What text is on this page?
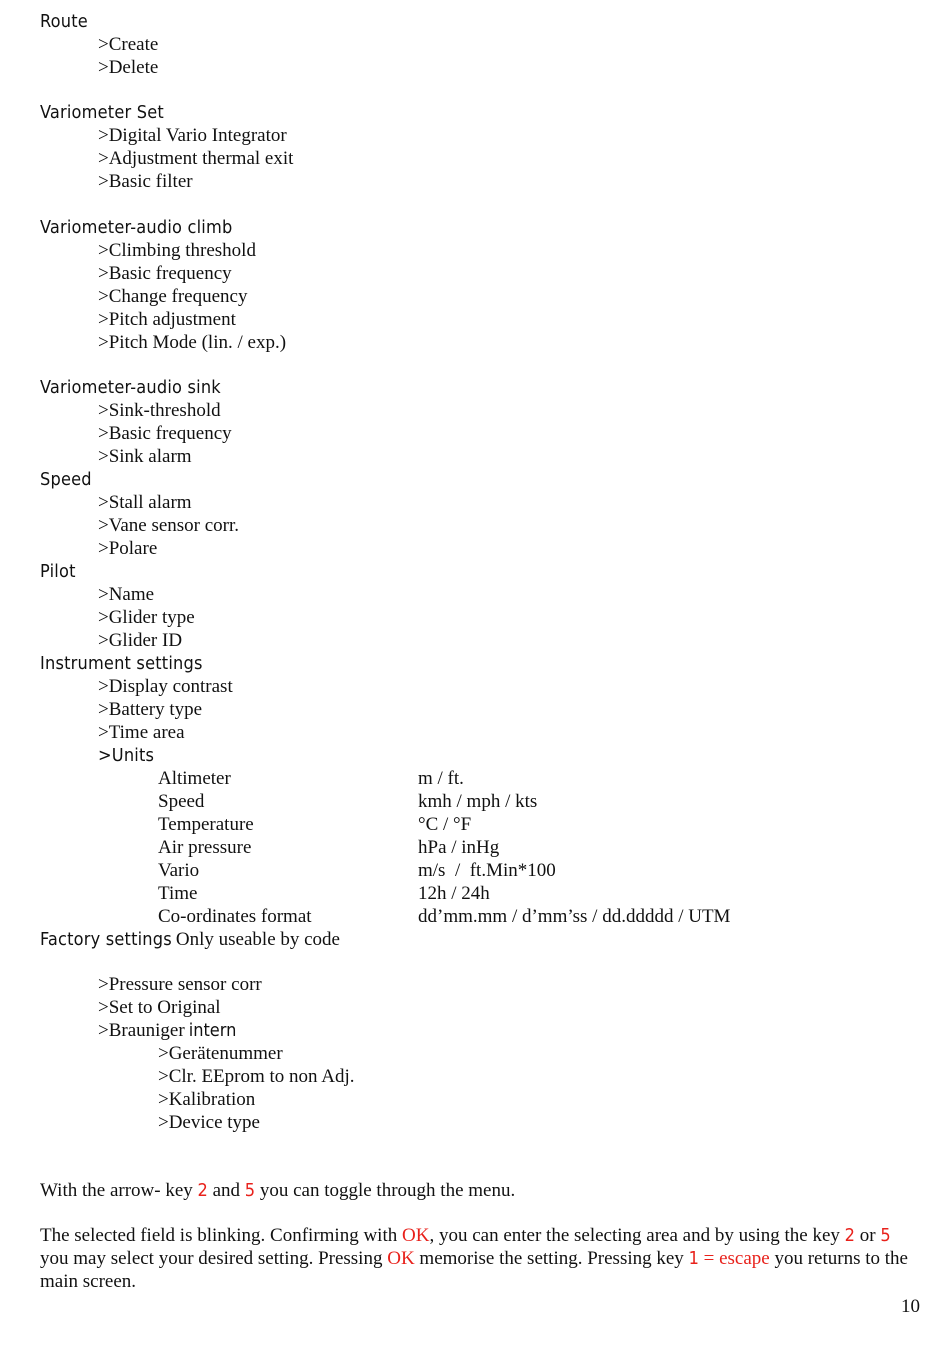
Route
>Create
>Delete
Variometer Set
>Digital Vario Integrator
>Adjustment thermal exit
>Basic filter
Variometer-audio climb
>Climbing threshold
>Basic frequency
>Change frequency
>Pitch adjustment
>Pitch Mode (lin. / exp.)
Variometer-audio sink
>Sink-threshold
>Basic frequency
>Sink alarm
Speed
>Stall alarm
>Vane sensor corr.
>Polare
Pilot
>Name
>Glider type
>Glider ID
Instrument settings
>Display contrast
>Battery type
>Time area
>Units
Altimeter	m / ft.
Speed	kmh / mph / kts
Temperature	°C / °F
Air pressure	hPa / inHg
Vario	m/s  /  ft.Min*100
Time	12h / 24h
Co-ordinates format	dd’mm.mm / d’mm’ss / dd.ddddd / UTM
Factory settings Only useable by code
>Pressure sensor corr
>Set to Original
>Brauniger intern
>Gerätenummer
>Clr. EEprom to non Adj.
>Kalibration
>Device type
With the arrow- key 2 and 5 you can toggle through the menu.
The selected field is blinking. Confirming with OK, you can enter the selecting area and by using the key 2 or 5 you may select your desired setting. Pressing OK memorise the setting. Pressing key 1 = escape you returns to the main screen.
10
